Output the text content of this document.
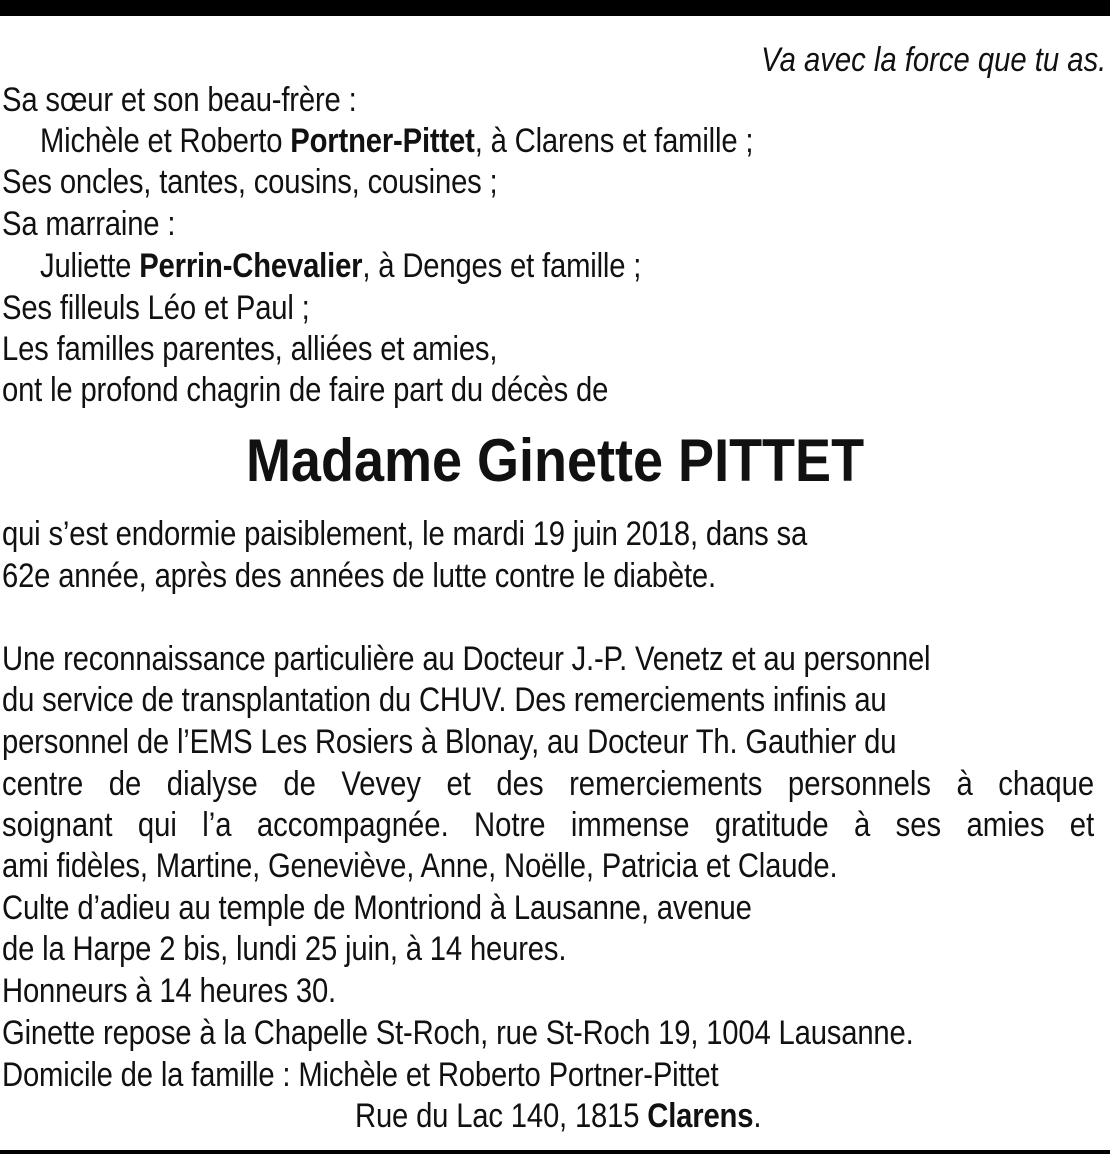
Va avec la force que tu as.
Sa sœur et son beau-frère :
Michèle et Roberto Portner-Pittet, à Clarens et famille ;
Ses oncles, tantes, cousins, cousines ;
Sa marraine :
Juliette Perrin-Chevalier, à Denges et famille ;
Ses filleuls Léo et Paul ;
Les familles parentes, alliées et amies,
ont le profond chagrin de faire part du décès de
Madame Ginette PITTET
qui s’est endormie paisiblement, le mardi 19 juin 2018, dans sa
62e année, après des années de lutte contre le diabète.
Une reconnaissance particulière au Docteur J.-P. Venetz et au personnel
du service de transplantation du CHUV. Des remerciements infinis au
personnel de l’EMS Les Rosiers à Blonay, au Docteur Th. Gauthier du
centre de dialyse de Vevey et des remerciements personnels à chaque
soignant qui l’a accompagnée. Notre immense gratitude à ses amies et
ami fidèles, Martine, Geneviève, Anne, Noëlle, Patricia et Claude.
Culte d’adieu au temple de Montriond à Lausanne, avenue
de la Harpe 2 bis, lundi 25 juin, à 14 heures.
Honneurs à 14 heures 30.
Ginette repose à la Chapelle St-Roch, rue St-Roch 19, 1004 Lausanne.
Domicile de la famille : Michèle et Roberto Portner-Pittet
Rue du Lac 140, 1815 Clarens.
